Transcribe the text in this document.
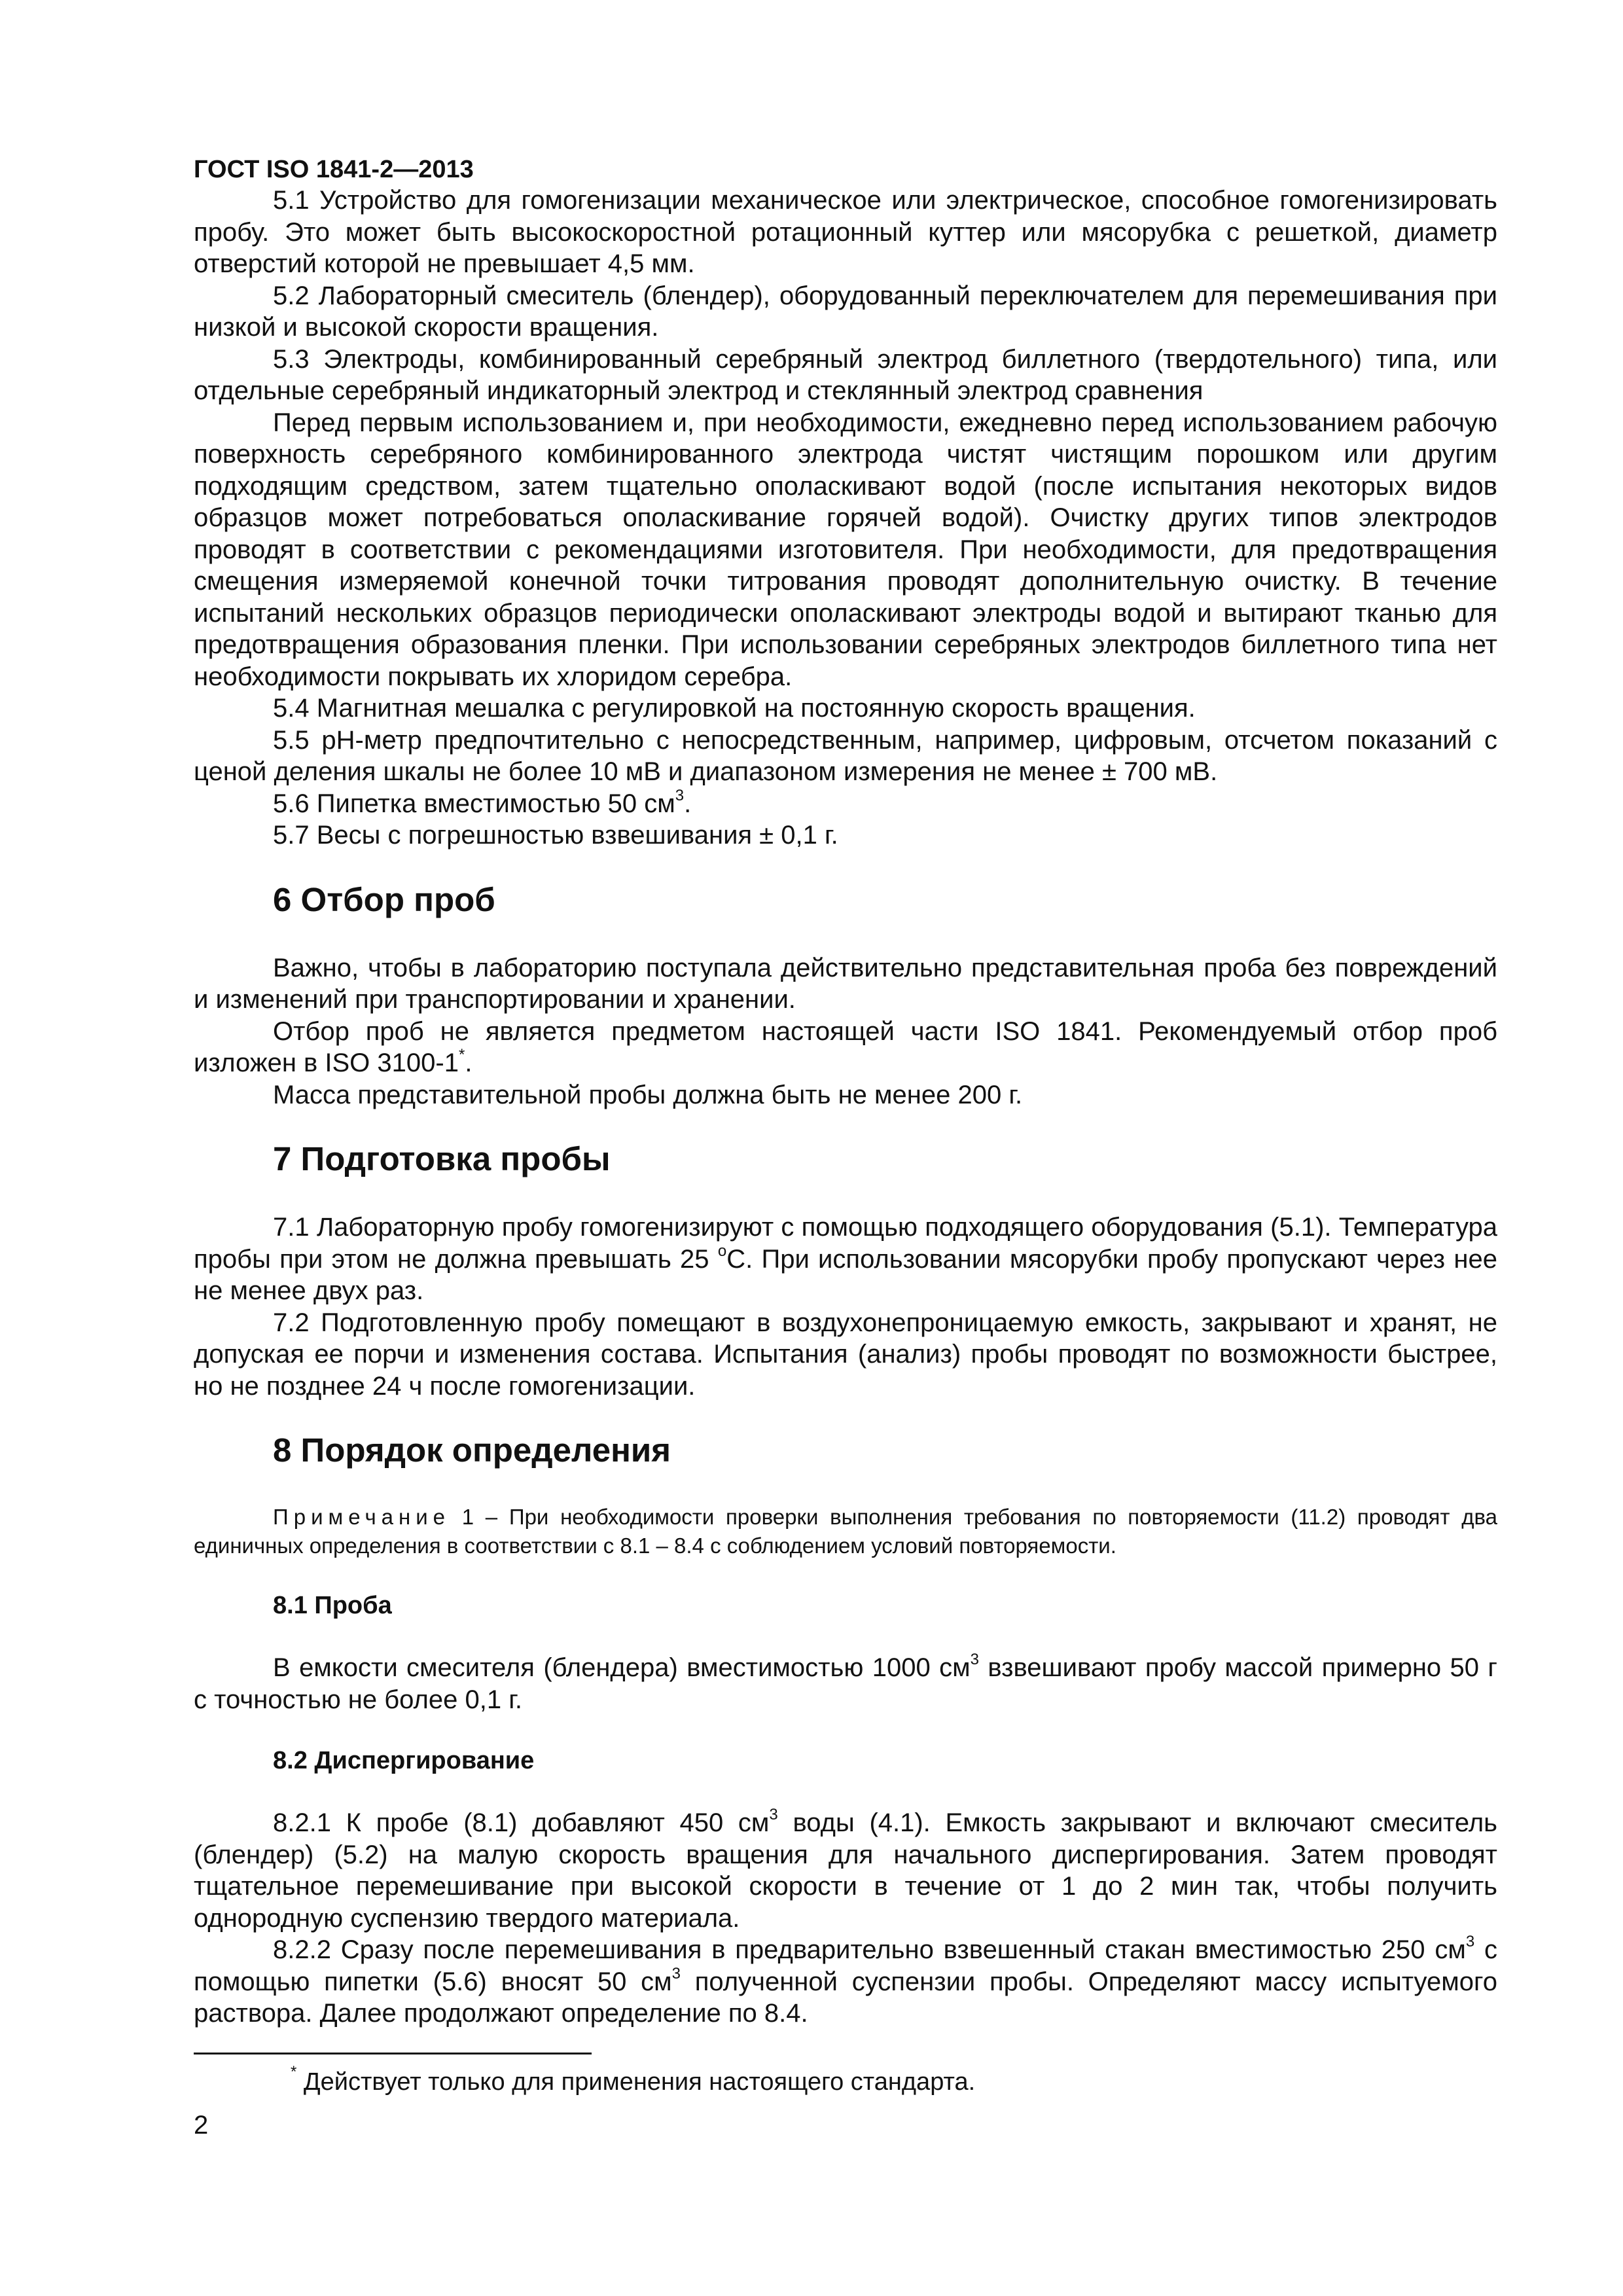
ГОСТ ISO 1841-2—2013

5.1 Устройство для гомогенизации механическое или электрическое, способное гомогенизировать пробу. Это может быть высокоскоростной ротационный куттер или мясорубка с решеткой, диаметр отверстий которой не превышает 4,5 мм.

5.2 Лабораторный смеситель (блендер), оборудованный переключателем для перемешивания при низкой и высокой скорости вращения.

5.3 Электроды, комбинированный серебряный электрод биллетного (твердотельного) типа, или отдельные серебряный индикаторный электрод и стеклянный электрод сравнения

Перед первым использованием и, при необходимости, ежедневно перед использованием рабочую поверхность серебряного комбинированного электрода чистят чистящим порошком или другим подходящим средством, затем тщательно ополаскивают водой (после испытания некоторых видов образцов может потребоваться ополаскивание горячей водой). Очистку других типов электродов проводят в соответствии с рекомендациями изготовителя. При необходимости, для предотвращения смещения измеряемой конечной точки титрования проводят дополнительную очистку. В течение испытаний нескольких образцов периодически ополаскивают электроды водой и вытирают тканью для предотвращения образования пленки. При использовании серебряных электродов биллетного типа нет необходимости покрывать их хлоридом серебра.

5.4 Магнитная мешалка с регулировкой на постоянную скорость вращения.

5.5 pH-метр предпочтительно с непосредственным, например, цифровым, отсчетом показаний с ценой деления шкалы не более 10 мВ и диапазоном измерения не менее ± 700 мВ.

5.6 Пипетка вместимостью 50 $см^3$.

5.7 Весы с погрешностью взвешивания ± 0,1 г.

6 Отбор проб

Важно, чтобы в лабораторию поступала действительно представительная проба без повреждений и изменений при транспортировании и хранении.

Отбор проб не является предметом настоящей части ISO 1841. Рекомендуемый отбор проб изложен в ISO 3100-1*.

Масса представительной пробы должна быть не менее 200 г.

7 Подготовка пробы

7.1 Лабораторную пробу гомогенизируют с помощью подходящего оборудования (5.1). Температура пробы при этом не должна превышать 25 $^o$С. При использовании мясорубки пробу пропускают через нее не менее двух раз.

7.2 Подготовленную пробу помещают в воздухонепроницаемую емкость, закрывают и хранят, не допуская ее порчи и изменения состава. Испытания (анализ) пробы проводят по возможности быстрее, но не позднее 24 ч после гомогенизации.

8 Порядок определения

Примечание 1 – При необходимости проверки выполнения требования по повторяемости (11.2) проводят два единичных определения в соответствии с 8.1 – 8.4 с соблюдением условий повторяемости.

8.1 Проба

В емкости смесителя (блендера) вместимостью 1000 $см^3$ взвешивают пробу массой примерно 50 г с точностью не более 0,1 г.

8.2 Диспергирование

8.2.1 К пробе (8.1) добавляют 450 $см^3$ воды (4.1). Емкость закрывают и включают смеситель (блендер) (5.2) на малую скорость вращения для начального диспергирования. Затем проводят тщательное перемешивание при высокой скорости в течение от 1 до 2 мин так, чтобы получить однородную суспензию твердого материала.

8.2.2 Сразу после перемешивания в предварительно взвешенный стакан вместимостью 250 $см^3$ с помощью пипетки (5.6) вносят 50 $см^3$ полученной суспензии пробы. Определяют массу испытуемого раствора. Далее продолжают определение по 8.4.

* Действует только для применения настоящего стандарта.
2
